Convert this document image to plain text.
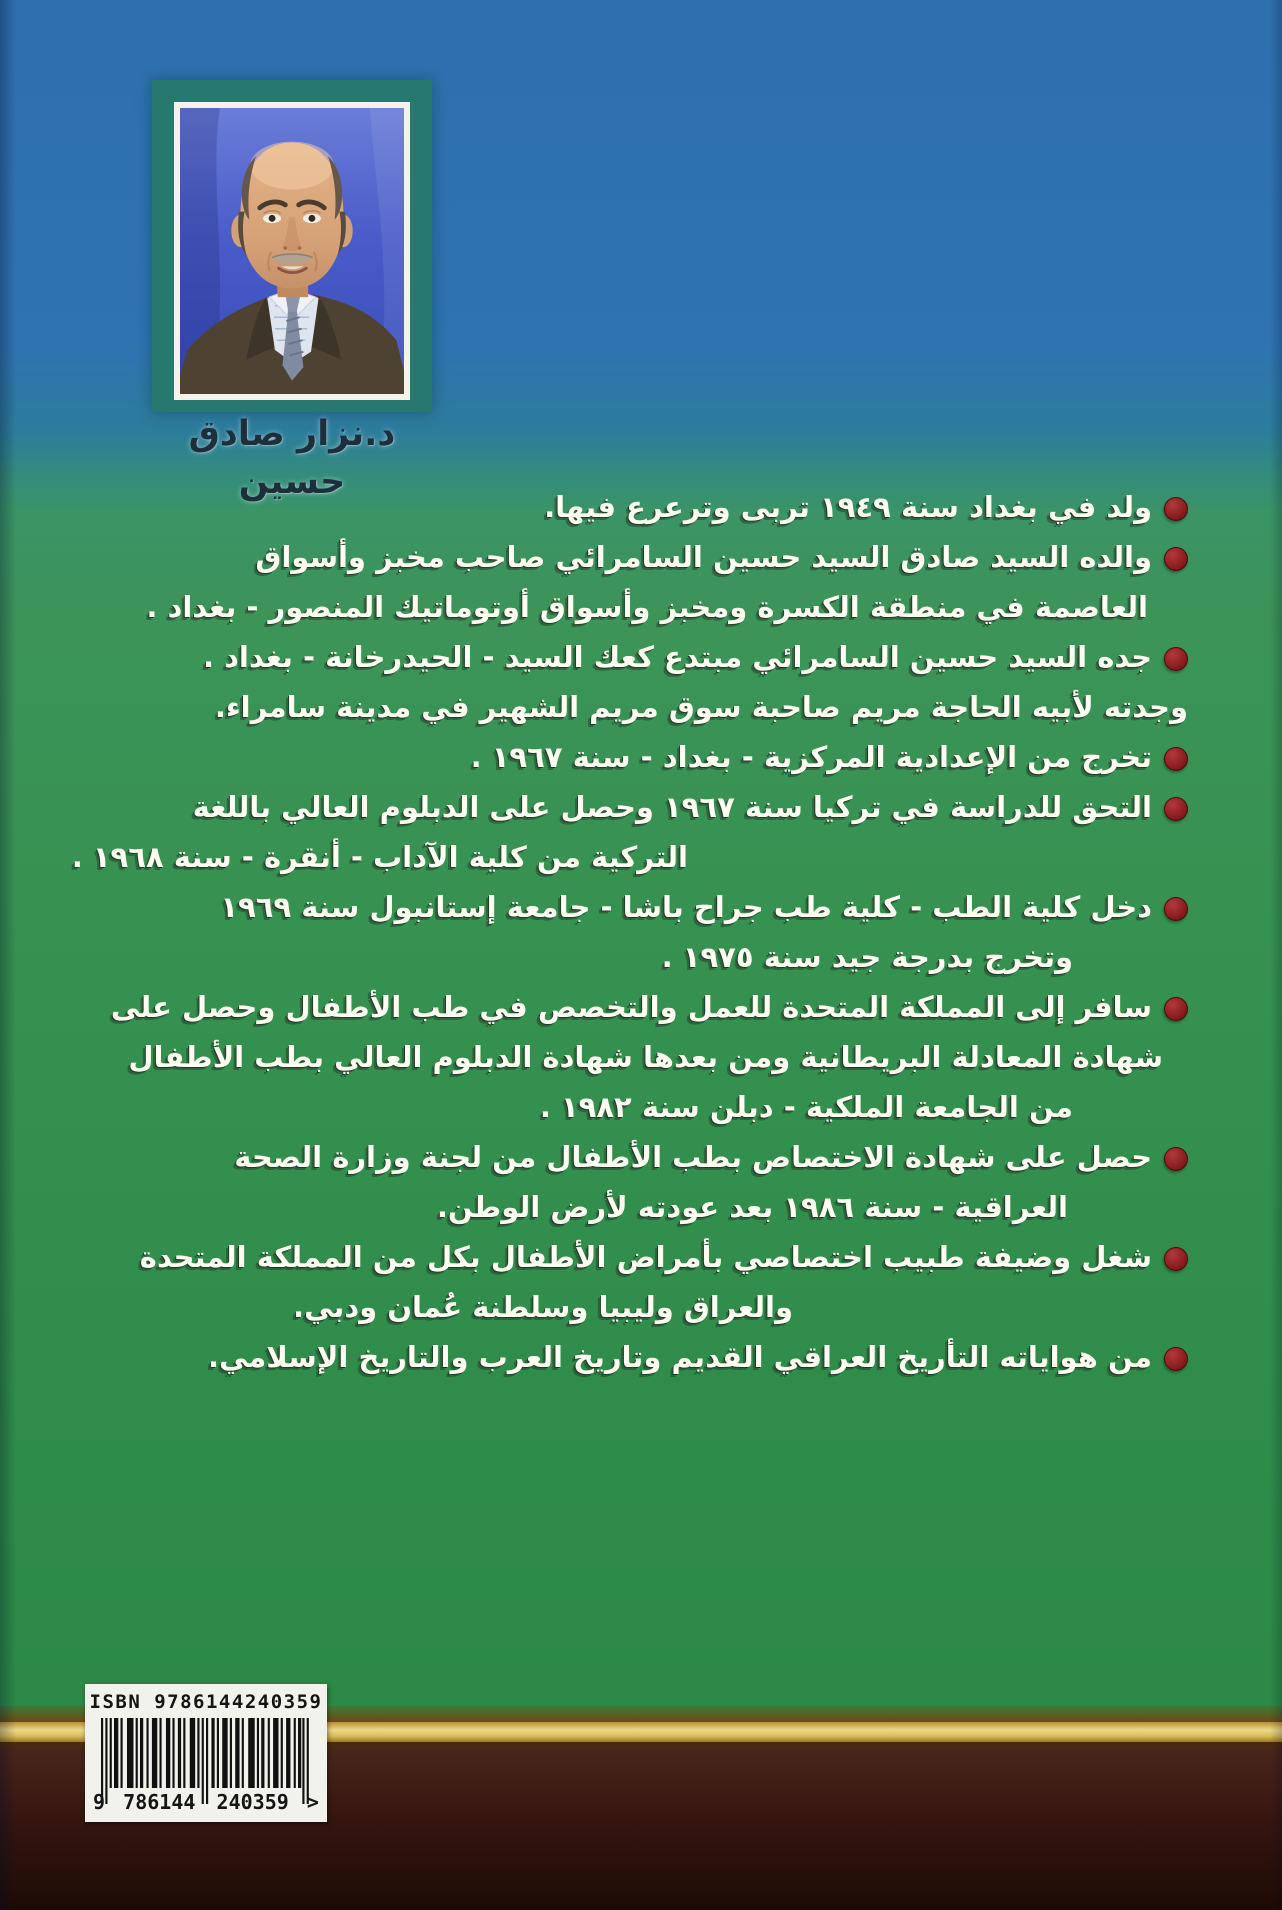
د.نزار صادق حسين
ولد في بغداد سنة ١٩٤٩ تربى وترعرع فيها.
والده السيد صادق السيد حسين السامرائي صاحب مخبز وأسواق
العاصمة في منطقة الكسرة ومخبز وأسواق أوتوماتيك المنصور - بغداد .
جده السيد حسين السامرائي مبتدع كعك السيد - الحيدرخانة - بغداد .
وجدته لأبيه الحاجة مريم صاحبة سوق مريم الشهير في مدينة سامراء.
تخرج من الإعدادية المركزية - بغداد - سنة ١٩٦٧ .
التحق للدراسة في تركيا سنة ١٩٦٧ وحصل على الدبلوم العالي باللغة
التركية من كلية الآداب - أنقرة - سنة ١٩٦٨ .
دخل كلية الطب - كلية طب جراح باشا - جامعة إستانبول سنة ١٩٦٩
وتخرج بدرجة جيد سنة ١٩٧٥ .
سافر إلى المملكة المتحدة للعمل والتخصص في طب الأطفال وحصل على
شهادة المعادلة البريطانية ومن بعدها شهادة الدبلوم العالي بطب الأطفال
من الجامعة الملكية - دبلن سنة ١٩٨٢ .
حصل على شهادة الاختصاص بطب الأطفال من لجنة وزارة الصحة
العراقية - سنة ١٩٨٦ بعد عودته لأرض الوطن.
شغل وضيفة طبيب اختصاصي بأمراض الأطفال بكل من المملكة المتحدة
والعراق وليبيا وسلطنة عُمان ودبي.
من هواياته التأريخ العراقي القديم وتاريخ العرب والتاريخ الإسلامي.
ISBN 9786144240359
9 786144 240359 >
